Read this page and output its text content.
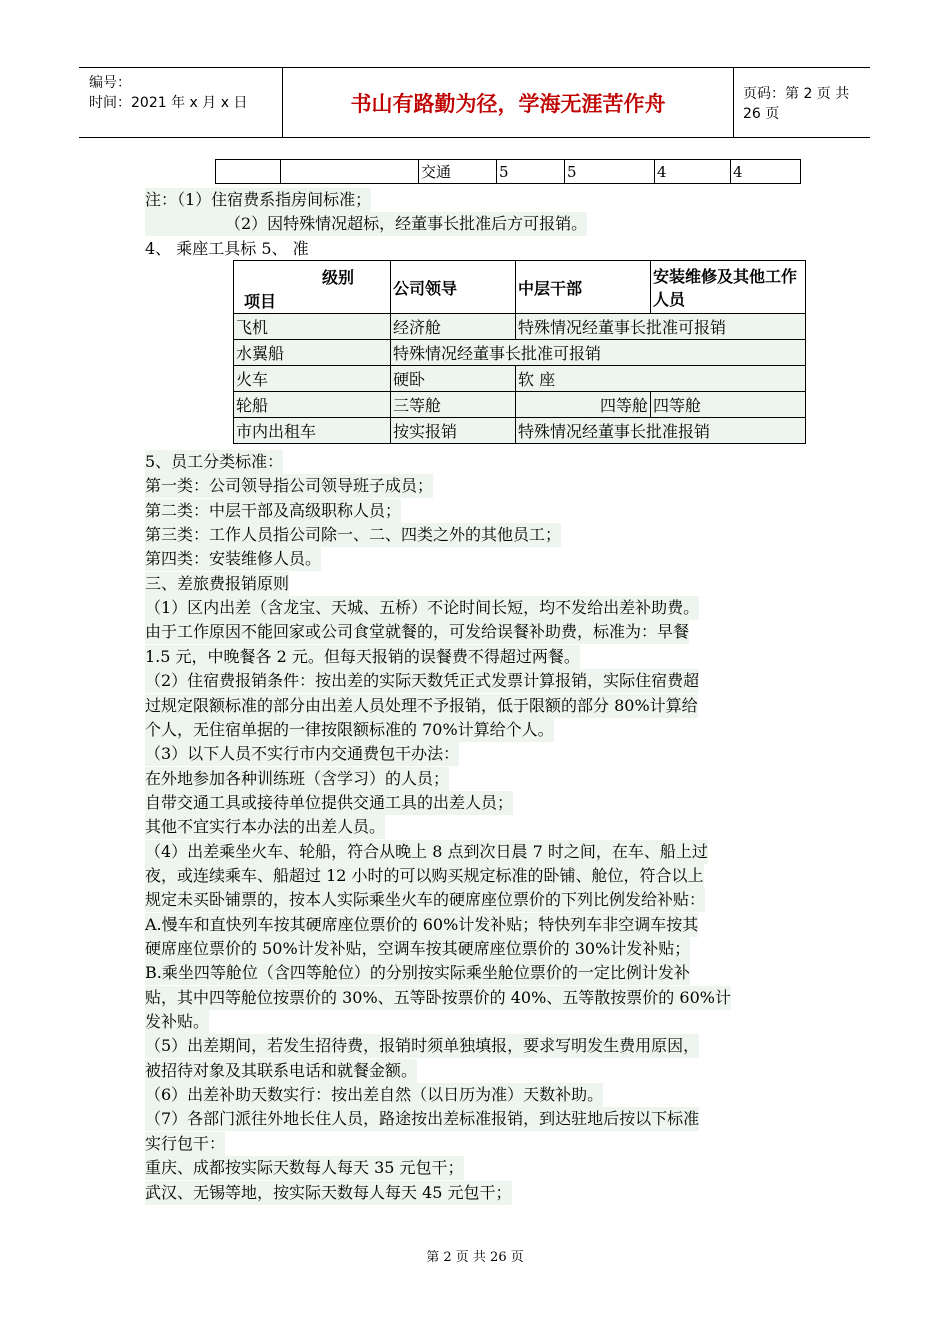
编号：
时间：2021 年 x 月 x 日	书山有路勤为径，学海无涯苦作舟	页码：第 2 页 共 26 页
		交通	5	5	4	4
注：（1）住宿费系指房间标准；
（2）因特殊情况超标，经董事长批准后方可报销。
4、 乘座工具标 5、 准
级别
项目	公司领导	中层干部	安装维修及其他工作人员
飞机	经济舱	特殊情况经董事长批准可报销	
水翼船	特殊情况经董事长批准可报销		
火车	硬卧	软 座	
轮船	三等舱	四等舱	四等舱
市内出租车	按实报销	特殊情况经董事长批准报销	
5、员工分类标准：
第一类：公司领导指公司领导班子成员；
第二类：中层干部及高级职称人员；
第三类：工作人员指公司除一、二、四类之外的其他员工；
第四类：安装维修人员。
三、差旅费报销原则
（1）区内出差（含龙宝、天城、五桥）不论时间长短，均不发给出差补助费。
由于工作原因不能回家或公司食堂就餐的，可发给误餐补助费，标准为：早餐
1.5 元，中晚餐各 2 元。但每天报销的误餐费不得超过两餐。
（2）住宿费报销条件：按出差的实际天数凭正式发票计算报销，实际住宿费超
过规定限额标准的部分由出差人员处理不予报销，低于限额的部分 80%计算给
个人，无住宿单据的一律按限额标准的 70%计算给个人。
（3）以下人员不实行市内交通费包干办法：
在外地参加各种训练班（含学习）的人员；
自带交通工具或接待单位提供交通工具的出差人员；
其他不宜实行本办法的出差人员。
（4）出差乘坐火车、轮船，符合从晚上 8 点到次日晨 7 时之间，在车、船上过
夜，或连续乘车、船超过 12 小时的可以购买规定标准的卧铺、舱位，符合以上
规定未买卧铺票的，按本人实际乘坐火车的硬席座位票价的下列比例发给补贴：
A.慢车和直快列车按其硬席座位票价的 60%计发补贴；特快列车非空调车按其
硬席座位票价的 50%计发补贴，空调车按其硬席座位票价的 30%计发补贴；
B.乘坐四等舱位（含四等舱位）的分别按实际乘坐舱位票价的一定比例计发补
贴，其中四等舱位按票价的 30%、五等卧按票价的 40%、五等散按票价的 60%计
发补贴。
（5）出差期间，若发生招待费，报销时须单独填报，要求写明发生费用原因，
被招待对象及其联系电话和就餐金额。
（6）出差补助天数实行：按出差自然（以日历为准）天数补助。
（7）各部门派往外地长住人员，路途按出差标准报销，到达驻地后按以下标准
实行包干：
重庆、成都按实际天数每人每天 35 元包干；
武汉、无锡等地，按实际天数每人每天 45 元包干；
第 2 页 共 26 页
